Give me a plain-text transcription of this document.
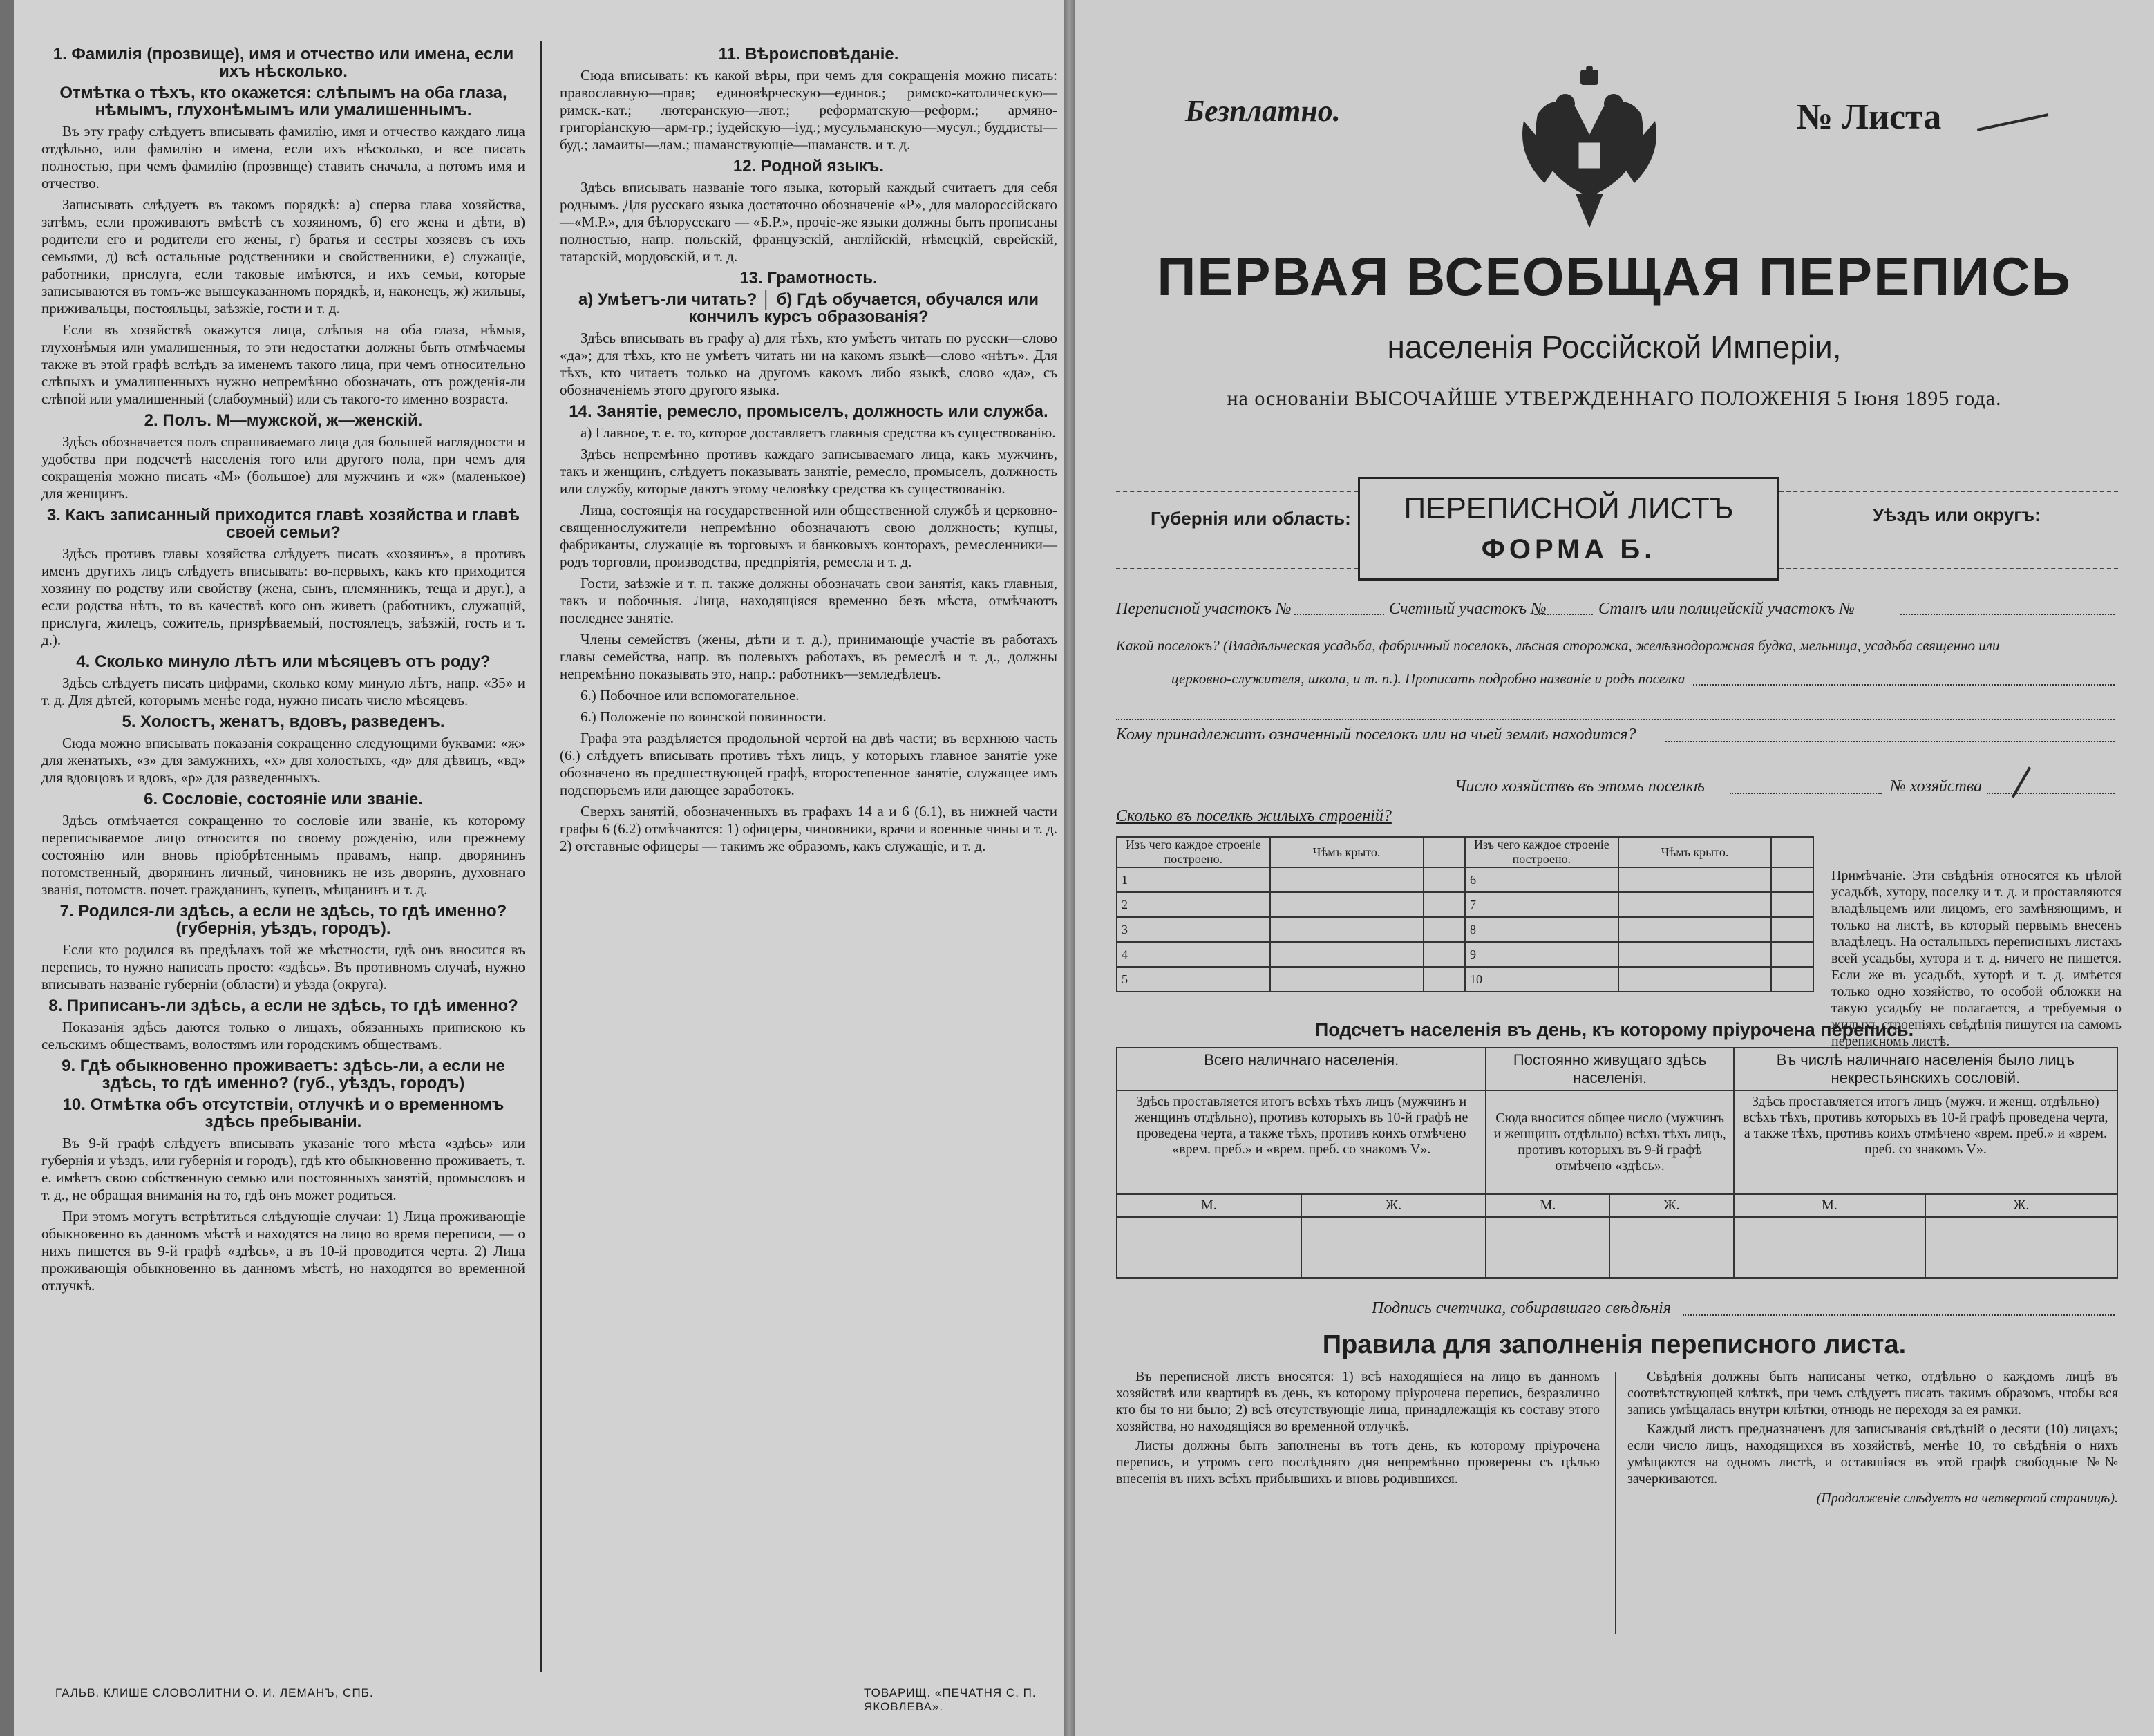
1. Фамилія (прозвище), имя и отчество или имена, если ихъ нѣсколько.
Отмѣтка о тѣхъ, кто окажется: слѣпымъ на оба глаза, нѣмымъ, глухонѣмымъ или умалишеннымъ.

Въ эту графу слѣдуетъ вписывать фамилію, имя и отчество каждаго лица отдѣльно, или фамилію и имена, если ихъ нѣсколько, и все писать полностью, при чемъ фамилію (прозвище) ставить сначала, а потомъ имя и отчество.

Записывать слѣдуетъ въ такомъ порядкѣ: а) сперва глава хозяйства, затѣмъ, если проживаютъ вмѣстѣ съ хозяиномъ, б) его жена и дѣти, в) родители его и родители его жены, г) братья и сестры хозяевъ съ ихъ семьями, д) всѣ остальные родственники и свойственники, е) служащіе, работники, прислуга, если таковые имѣются, и ихъ семьи, которые записываются въ томъ-же вышеуказанномъ порядкѣ, и, наконецъ, ж) жильцы, приживальцы, постояльцы, заѣзжіе, гости и т. д.

Если въ хозяйствѣ окажутся лица, слѣпыя на оба глаза, нѣмыя, глухонѣмыя или умалишенныя, то эти недостатки должны быть отмѣчаемы также въ этой графѣ вслѣдъ за именемъ такого лица, при чемъ относительно слѣпыхъ и умалишенныхъ нужно непремѣнно обозначать, отъ рожденія-ли слѣпой или умалишенный (слабоумный) или съ такого-то именно возраста.

2. Полъ. М—мужской, ж—женскій.

Здѣсь обозначается полъ спрашиваемаго лица для большей наглядности и удобства при подсчетѣ населенія того или другого пола, при чемъ для сокращенія можно писать «М» (большое) для мужчинъ и «ж» (маленькое) для женщинъ.

3. Какъ записанный приходится главѣ хозяйства и главѣ своей семьи?

Здѣсь противъ главы хозяйства слѣдуетъ писать «хозяинъ», а противъ именъ другихъ лицъ слѣдуетъ вписывать: во-первыхъ, какъ кто приходится хозяину по родству или свойству (жена, сынъ, племянникъ, теща и друг.), а если родства нѣтъ, то въ качествѣ кого онъ живетъ (работникъ, служащій, прислуга, жилецъ, сожитель, призрѣваемый, постоялецъ, заѣзжій, гость и т. д.).

4. Сколько минуло лѣтъ или мѣсяцевъ отъ роду?

Здѣсь слѣдуетъ писать цифрами, сколько кому минуло лѣтъ, напр. «35» и т. д. Для дѣтей, которымъ менѣе года, нужно писать число мѣсяцевъ.

5. Холостъ, женатъ, вдовъ, разведенъ.

Сюда можно вписывать показанія сокращенно следующими буквами: «ж» для женатыхъ, «з» для замужнихъ, «х» для холостыхъ, «д» для дѣвицъ, «вд» для вдовцовъ и вдовъ, «р» для разведенныхъ.

6. Сословіе, состояніе или званіе.

Здѣсь отмѣчается сокращенно то сословіе или званіе, къ которому перепиcываемое лицо относится по своему рожденію, или прежнему состоянію или вновь пріобрѣтеннымъ правамъ, напр. дворянинъ потомственный, дворянинъ личный, чиновникъ не изъ дворянъ, духовнаго званія, потомств. почет. гражданинъ, купецъ, мѣщанинъ и т. д.

7. Родился-ли здѣсь, а если не здѣсь, то гдѣ именно? (губернія, уѣздъ, городъ).

Если кто родился въ предѣлахъ той же мѣстности, гдѣ онъ вносится въ перепись, то нужно написать просто: «здѣсь». Въ противномъ случаѣ, нужно вписывать названіе губерніи (области) и уѣзда (округа).

8. Приписанъ-ли здѣсь, а если не здѣсь, то гдѣ именно?

Показанія здѣсь даются только о лицахъ, обязанныхъ припискою къ сельскимъ обществамъ, волостямъ или городскимъ обществамъ.

9. Гдѣ обыкновенно проживаетъ: здѣсь-ли, а если не здѣсь, то гдѣ именно? (губ., уѣздъ, городъ)
10. Отмѣтка объ отсутствіи, отлучкѣ и о временномъ здѣсь пребываніи.

Въ 9-й графѣ слѣдуетъ вписывать указаніе того мѣста «здѣсь» или губернія и уѣздъ, или губернія и городъ), гдѣ кто обыкновенно проживаетъ, т. е. имѣетъ свою собственную семью или постоянныхъ занятій, промысловъ и т. д., не обращая вниманія на то, гдѣ онъ может родиться.

При этомъ могутъ встрѣтиться слѣдующіе случаи: 1) Лица проживающіе обыкновенно въ данномъ мѣстѣ и находятся на лицо во время переписи, — о нихъ пишется въ 9-й графѣ «здѣсь», а въ 10-й проводится черта. 2) Лица проживающія обыкновенно въ данномъ мѣстѣ, но находятся во временной отлучкѣ.

11. Вѣроисповѣданіе.

Сюда вписывать: къ какой вѣры, при чемъ для сокращенія можно писать: православную—прав; единовѣрческую—единов.; римско-католическую—римск.-кат.; лютеранскую—лют.; реформатскую—реформ.; армяно-григоріанскую—арм-гр.; іудейскую—іуд.; мусульманскую—мусул.; буддисты—буд.; ламаиты—лам.; шаманствующіе—шаманств. и т. д.

12. Родной языкъ.

Здѣсь вписывать названіе того языка, который каждый считаетъ для себя роднымъ. Для русскаго языка достаточно обозначеніе «Р», для малороссійскаго—«М.Р.», для бѣлорусскаго — «Б.Р.», прочіе-же языки должны быть прописаны полностью, напр. польскій, французскій, англійскій, нѣмецкій, еврейскій, татарскій, мордовскій, и т. д.

13. Грамотность.
а) Умѣетъ-ли читать? │ б) Гдѣ обучается, обучался или кончилъ курсъ образованія?

Здѣсь вписывать въ графу а) для тѣхъ, кто умѣетъ читать по русски—слово «да»; для тѣхъ, кто не умѣетъ читать ни на какомъ языкѣ—слово «нѣтъ». Для тѣхъ, кто читаетъ только на другомъ какомъ либо языкѣ, слово «да», съ обозначеніемъ этого другого языка.

14. Занятіе, ремесло, промыселъ, должность или служба.

а) Главное, т. е. то, которое доставляетъ главныя средства къ существованію.

Здѣсь непремѣнно противъ каждаго записываемаго лица, какъ мужчинъ, такъ и женщинъ, слѣдуетъ показывать занятіе, ремесло, промыселъ, должность или службу, которые даютъ этому человѣку средства къ существованію.

Лица, состоящія на государственной или общественной службѣ и церковно-священнослужители непремѣнно обозначаютъ свою должность; купцы, фабриканты, служащіе въ торговыхъ и банковыхъ конторахъ, ремесленники—родъ торговли, производства, предпріятія, ремесла и т. д.

Гости, заѣзжіе и т. п. также должны обозначать свои занятія, какъ главныя, такъ и побочныя. Лица, находящіяся временно безъ мѣста, отмѣчаютъ последнее занятіе.

Члены семействъ (жены, дѣти и т. д.), принимающіе участіе въ работахъ главы семейства, напр. въ полевыхъ работахъ, въ ремеслѣ и т. д., должны непремѣнно показывать это, напр.: работникъ—земледѣлецъ.

6.) Побочное или вспомогательное.

6.) Положеніе по воинской повинности.

Графа эта раздѣляется продольной чертой на двѣ части; въ верхнюю часть (6.) слѣдуетъ вписывать противъ тѣхъ лицъ, у которыхъ главное занятіе уже обозначено въ предшествующей графѣ, второстепенное занятіе, служащее имъ подспорьемъ или дающее заработокъ.

Сверхъ занятій, обозначенныхъ въ графахъ 14 а и 6 (6.1), въ нижней части графы 6 (6.2) отмѣчаются: 1) офицеры, чиновники, врачи и военные чины и т. д. 2) отставные офицеры — такимъ же образомъ, какъ служащіе, и т. д.

ГАЛЬВ. КЛИШЕ СЛОВОЛИТНИ О. И. ЛЕМАНЪ, СПБ.	ТОВАРИЩ. «ПЕЧАТНЯ С. П. ЯКОВЛЕВА».
Безплатно.	№ Листа
ПЕРВАЯ ВСЕОБЩАЯ ПЕРЕПИСЬ
населенія Россійской Имперіи,
на основаніи ВЫСОЧАЙШЕ УТВЕРЖДЕННАГО ПОЛОЖЕНІЯ 5 Іюня 1895 года.
Губернія или область:	ПЕРЕПИСНОЙ ЛИСТЪ
ФОРМА Б.
Уѣздъ или округъ:
Переписной участокъ №	Счетный участокъ №	Станъ или полицейскій участокъ №
Какой поселокъ? (Владѣльческая усадьба, фабричный поселокъ, лѣсная сторожка, желѣзнодорожная будка, мельница, усадьба священно или
церковно-служителя, школа, и т. п.). Прописать подробно названіе и родъ поселка
Кому принадлежитъ означенный поселокъ или на чьей землѣ находится?
Число хозяйствъ въ этомъ поселкѣ	№ хозяйства
Сколько въ поселкѣ жилыхъ строеній?
Изъ чего каждое строеніе построено.	Чѣмъ крыто.		Изъ чего каждое строеніе построено.	Чѣмъ крыто.	
1			6		
2			7		
3			8		
4			9		
5			10		
Примѣчаніе. Эти свѣдѣнія относятся къ цѣлой усадьбѣ, хутору, поселку и т. д. и проставляются владѣльцемъ или лицомъ, его замѣняющимъ, и только на листѣ, въ который первымъ внесенъ владѣлецъ. На остальныхъ переписныхъ листахъ всей усадьбы, хутора и т. д. ничего не пишется. Если же въ усадьбѣ, хуторѣ и т. д. имѣется только одно хозяйство, то особой обложки на такую усадьбу не полагается, а требуемыя о жилыхъ строеніяхъ свѣдѣнія пишутся на самомъ переписномъ листѣ.
Подсчетъ населенія въ день, къ которому пріурочена перепись.
Всего наличнаго населенія.		Постоянно живущаго здѣсь населенія.		Въ числѣ наличнаго населенія было лицъ некрестьянскихъ сословій.	
Здѣсь проставляется итогъ всѣхъ тѣхъ лицъ (мужчинъ и женщинъ отдѣльно), противъ которыхъ въ 10-й графѣ не проведена черта, а также тѣхъ, противъ коихъ отмѣчено «врем. преб.» и «врем. преб. со знакомъ V».		Сюда вносится общее число (мужчинъ и женщинъ отдѣльно) всѣхъ тѣхъ лицъ, противъ которыхъ въ 9-й графѣ отмѣчено «здѣсь».		Здѣсь проставляется итогъ лицъ (мужч. и женщ. отдѣльно) всѣхъ тѣхъ, противъ которыхъ въ 10-й графѣ проведена черта, а также тѣхъ, противъ коихъ отмѣчено «врем. преб.» и «врем. преб. со знакомъ V».	
М.	Ж.	М.	Ж.	М.	Ж.

Подпись счетчика, собиравшаго свѣдѣнія
Правила для заполненія переписного листа.

Въ переписной листъ вносятся: 1) всѣ находящіеся на лицо въ данномъ хозяйствѣ или квартирѣ въ день, къ которому пріурочена перепись, безразлично кто бы то ни было; 2) всѣ отсутствующіе лица, принадлежащія къ составу этого хозяйства, но находящіяся во временной отлучкѣ.

Листы должны быть заполнены въ тотъ день, къ которому пріурочена перепись, и утромъ сего послѣдняго дня непремѣнно проверены съ цѣлью внесенія въ нихъ всѣхъ прибывшихъ и вновь родившихся.

Свѣдѣнія должны быть написаны четко, отдѣльно о каждомъ лицѣ въ соотвѣтствующей клѣткѣ, при чемъ слѣдуетъ писать такимъ образомъ, чтобы вся запись умѣщалась внутри клѣтки, отнюдь не переходя за ея рамки.

Каждый листъ предназначенъ для записыванія свѣдѣній о десяти (10) лицахъ; если число лицъ, находящихся въ хозяйствѣ, менѣе 10, то свѣдѣнія о нихъ умѣщаются на одномъ листѣ, и оставшіяся въ этой графѣ свободные №№ зачеркиваются.

(Продолженіе слѣдуетъ на четвертой страницѣ).
